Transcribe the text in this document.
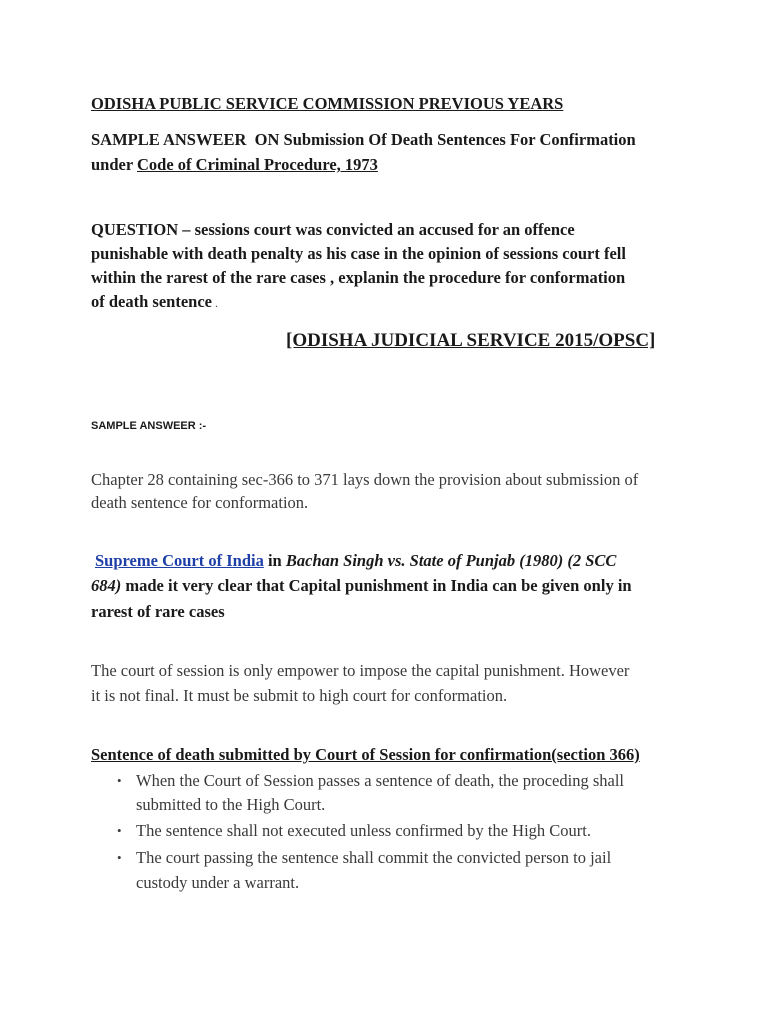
ODISHA PUBLIC SERVICE COMMISSION PREVIOUS YEARS
SAMPLE ANSWEER  ON Submission Of Death Sentences For Confirmation
under Code of Criminal Procedure, 1973
QUESTION – sessions court was convicted an accused for an offence
punishable with death penalty as his case in the opinion of sessions court fell
within the rarest of the rare cases , explanin the procedure for conformation
of death sentence .
[ODISHA JUDICIAL SERVICE 2015/OPSC]
SAMPLE ANSWEER :-
Chapter 28 containing sec-366 to 371 lays down the provision about submission of
death sentence for conformation.
Supreme Court of India in Bachan Singh vs. State of Punjab (1980) (2 SCC
684) made it very clear that Capital punishment in India can be given only in
rarest of rare cases
The court of session is only empower to impose the capital punishment. However
it is not final. It must be submit to high court for conformation.
Sentence of death submitted by Court of Session for confirmation(section 366)
• When the Court of Session passes a sentence of death, the proceding shall
submitted to the High Court.
• The sentence shall not executed unless confirmed by the High Court.
• The court passing the sentence shall commit the convicted person to jail
custody under a warrant.
